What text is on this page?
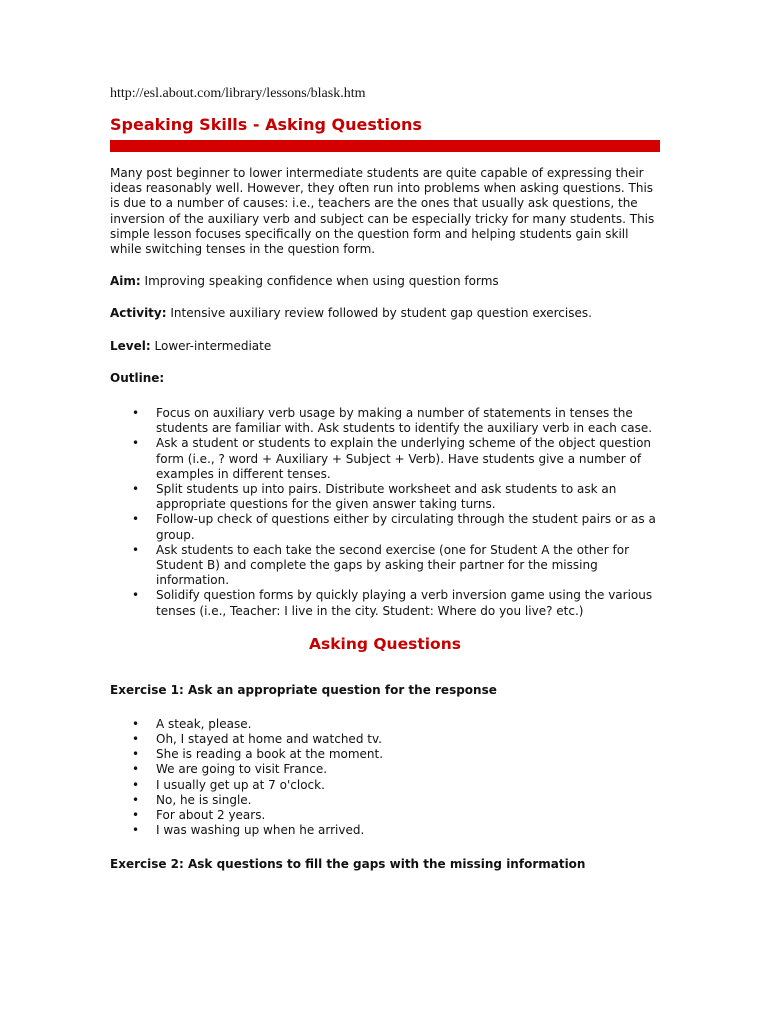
http://esl.about.com/library/lessons/blask.htm
Speaking Skills - Asking Questions

Many post beginner to lower intermediate students are quite capable of expressing their ideas reasonably well. However, they often run into problems when asking questions. This is due to a number of causes: i.e., teachers are the ones that usually ask questions, the inversion of the auxiliary verb and subject can be especially tricky for many students. This simple lesson focuses specifically on the question form and helping students gain skill while switching tenses in the question form.

Aim: Improving speaking confidence when using question forms

Activity: Intensive auxiliary review followed by student gap question exercises.

Level: Lower-intermediate

Outline:

• Focus on auxiliary verb usage by making a number of statements in tenses the students are familiar with. Ask students to identify the auxiliary verb in each case.
• Ask a student or students to explain the underlying scheme of the object question form (i.e., ? word + Auxiliary + Subject + Verb). Have students give a number of examples in different tenses.
• Split students up into pairs. Distribute worksheet and ask students to ask an appropriate questions for the given answer taking turns.
• Follow-up check of questions either by circulating through the student pairs or as a group.
• Ask students to each take the second exercise (one for Student A the other for Student B) and complete the gaps by asking their partner for the missing information.
• Solidify question forms by quickly playing a verb inversion game using the various tenses (i.e., Teacher: I live in the city. Student: Where do you live? etc.)
Asking Questions

Exercise 1: Ask an appropriate question for the response

• A steak, please.
• Oh, I stayed at home and watched tv.
• She is reading a book at the moment.
• We are going to visit France.
• I usually get up at 7 o'clock.
• No, he is single.
• For about 2 years.
• I was washing up when he arrived.

Exercise 2: Ask questions to fill the gaps with the missing information
